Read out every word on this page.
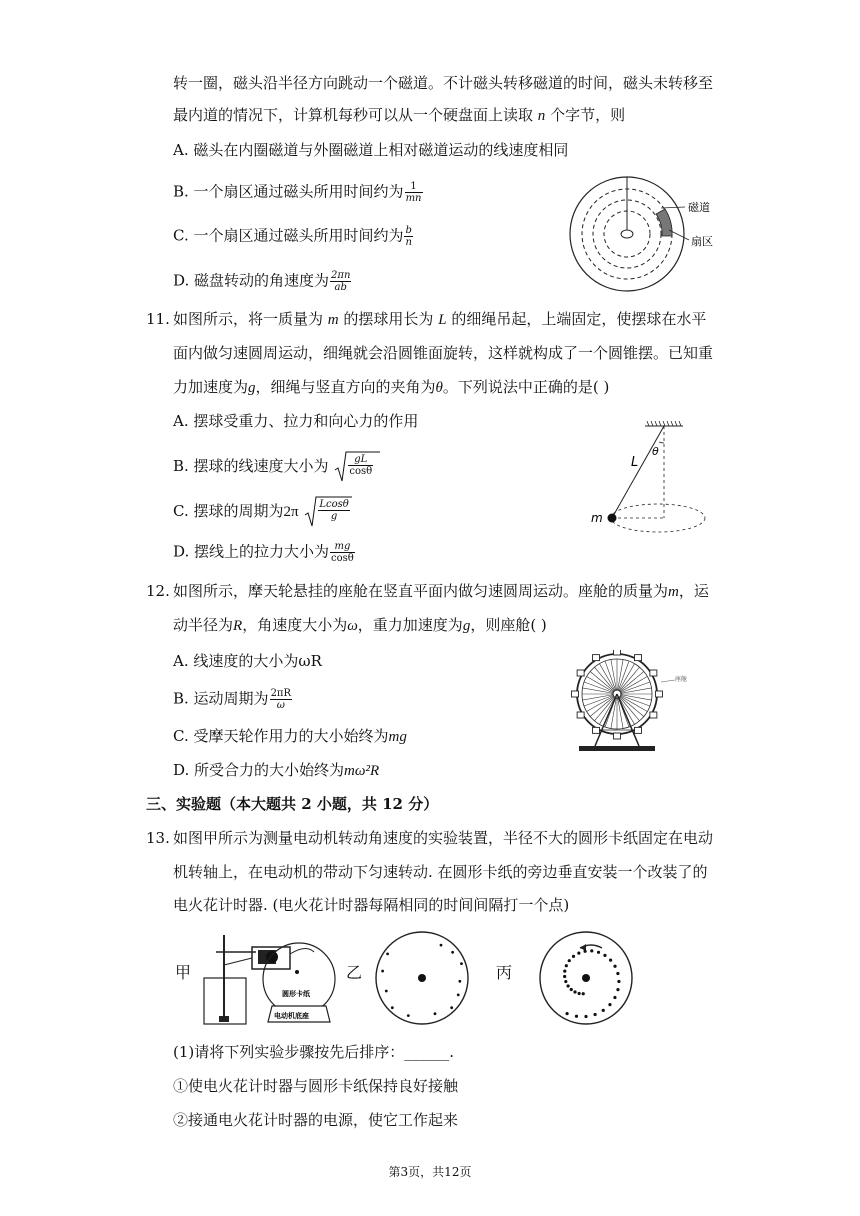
转一圈，磁头沿半径方向跳动一个磁道。不计磁头转移磁道的时间，磁头未转移至
最内道的情况下，计算机每秒可以从一个硬盘面上读取 n 个字节，则
A. 磁头在内圈磁道与外圈磁道上相对磁道运动的线速度相同
B. 一个扇区通过磁头所用时间约为 $\frac{1}{mn}$
C. 一个扇区通过磁头所用时间约为 $\frac{b}{n}$
D. 磁盘转动的角速度为 $\frac{2\pi n}{ab}$
磁道
扇区
11. 如图所示，将一质量为 m 的摆球用长为 L 的细绳吊起，上端固定，使摆球在水平
面内做匀速圆周运动，细绳就会沿圆锥面旋转，这样就构成了一个圆锥摆。已知重
力加速度为g，细绳与竖直方向的夹角为θ。下列说法中正确的是( )
A. 摆球受重力、拉力和向心力的作用
B. 摆球的线速度大小为 $\frac{gL}{\cos\theta}$
C. 摆球的周期为$2\pi \frac{Lcos\theta}{g}$
D. 摆线上的拉力大小为 $\frac{mg}{\cos\theta}$
L
θ
m
12. 如图所示，摩天轮悬挂的座舱在竖直平面内做匀速圆周运动。座舱的质量为m，运
动半径为R，角速度大小为ω，重力加速度为g，则座舱( )
A. 线速度的大小为ωR
B. 运动周期为 $\frac{2\pi R}{\omega}$
C. 受摩天轮作用力的大小始终为mg
D. 所受合力的大小始终为mω²R
座舱
三、实验题（本大题共 2 小题，共 12 分）
13. 如图甲所示为测量电动机转动角速度的实验装置，半径不大的圆形卡纸固定在电动
机转轴上，在电动机的带动下匀速转动. 在圆形卡纸的旁边垂直安装一个改装了的
电火花计时器. (电火花计时器每隔相同的时间间隔打一个点)
甲
圆形卡纸
电动机底座
乙	丙
(1)请将下列实验步骤按先后排序：______.
①使电火花计时器与圆形卡纸保持良好接触
②接通电火花计时器的电源，使它工作起来
第3页，共12页
